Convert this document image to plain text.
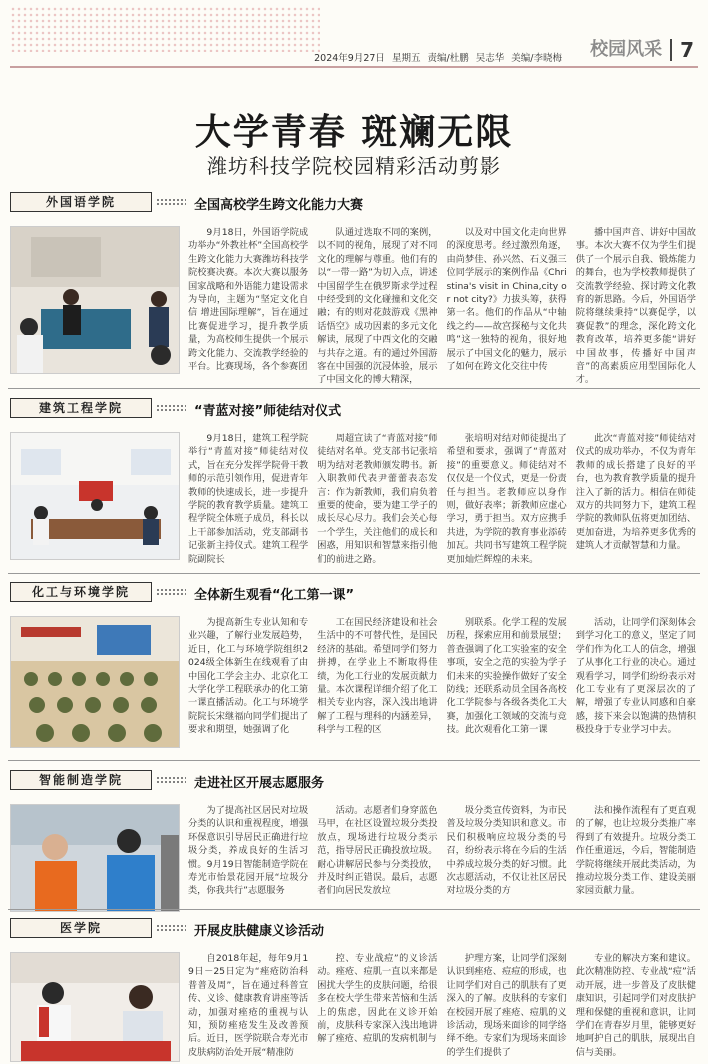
2024年9月27日 星期五 责编/杜鹏 吴志华 美编/李晓梅 校园风采 7
大学青春 斑斓无限
潍坊科技学院校园精彩活动剪影
外国语学院	全国高校学生跨文化能力大赛
9月18日，外国语学院成功举办“外教社杯”全国高校学生跨文化能力大赛潍坊科技学院校赛决赛。本次大赛以服务国家战略和外语能力建设需求为导向，主题为“坚定文化自信 增进国际理解”，旨在通过比赛促进学习，提升教学质量，为高校师生提供一个展示跨文化能力、交流教学经验的平台。比赛现场，各个参赛团
队通过选取不同的案例，以不同的视角，展现了对不同文化的理解与尊重。他们有的以“一带一路”为切入点，讲述中国留学生在俄罗斯求学过程中经受到的文化碰撞和文化交融；有的则对花鼓游戏《黑神话悟空》成功因素的多元文化解读，展现了中西文化的交融与共存之道。有的通过外国游客在中国强的沉浸体验，展示了中国文化的博大精深，
以及对中国文化走向世界的深度思考。经过激烈角逐，由尚梦佳、孙兴然、石义强三位同学展示的案例作品《Christina's visit in China,city or not city?》力拔头筹，获得第一名。他们的作品从“中轴线之约——故宫探秘与文化共鸣”这一独特的视角，很好地展示了中国文化的魅力，展示了如何在跨文化交往中传
播中国声音、讲好中国故事。本次大赛不仅为学生们提供了一个展示自我、锻炼能力的舞台，也为学校教师提供了交流教学经验、探讨跨文化教育的新思路。今后，外国语学院将继续秉持“以赛促学，以赛促教”的理念，深化跨文化教育改革，培养更多能“讲好中国故事，传播好中国声音”的高素质应用型国际化人才。
建筑工程学院	“青蓝对接”师徒结对仪式
9月18日，建筑工程学院举行“青蓝对接”师徒结对仪式，旨在充分发挥学院骨干教师的示范引领作用，促进青年教师的快速成长，进一步提升学院的教育教学质量。建筑工程学院全体班子成员，科长以上干部参加活动，党支部副书记张新主持仪式。建筑工程学院副院长
周超宣读了“青蓝对接”师徒结对名单。党支部书记张培明为结对老教师颁发聘书。新入职教师代表尹蕾蕾表态发言：作为新教师，我们肩负着重要的使命，要为建工学子的成长尽心尽力。我们会关心每一个学生，关注他们的成长和困惑，用知识和智慧来指引他们的前进之路。
张培明对结对师徒提出了希望和要求，强调了“青蓝对接”的重要意义。师徒结对不仅仅是一个仪式，更是一份责任与担当。老教师应以身作则，做好表率；新教师应虚心学习，勇于担当。双方应携手共进，为学院的教育事业添砖加瓦。共同书写建筑工程学院更加灿烂辉煌的未来。
此次“青蓝对接”师徒结对仪式的成功举办，不仅为青年教师的成长搭建了良好的平台，也为教育教学质量的提升注入了新的活力。相信在师徒双方的共同努力下，建筑工程学院的教师队伍将更加团结、更加奋进，为培养更多优秀的建筑人才贡献智慧和力量。
化工与环境学院	全体新生观看“化工第一课”
为提高新生专业认知和专业兴趣，了解行业发展趋势，近日，化工与环境学院组织2024级全体新生在线观看了由中国化工学会主办、北京化工大学化学工程联承办的化工第一课直播活动。化工与环境学院院长宋继福向同学们提出了要求和期望，她强调了化
工在国民经济建设和社会生活中的不可替代性，是国民经济的基础。希望同学们努力拼搏，在学业上不断取得佳绩，为化工行业的发展贡献力量。本次课程详细介绍了化工相关专业内容，深入浅出地讲解了工程与理科的内涵差异，科学与工程的区
别联系。化学工程的发展历程，探索应用和前景展望；普查强调了化工实验室的安全事项，安全之范的实验为学子们未来的实验操作做好了安全防线；还联系动员全国各高校化工学院参与各级各类化工大赛，加强化工领域的交流与竞技。此次观看化工第一课
活动，让同学们深刻体会到学习化工的意义，坚定了同学们作为化工人的信念，增强了从事化工行业的决心。通过观看学习，同学们纷纷表示对化工专业有了更深层次的了解，增强了专业认同感和自豪感，接下来会以饱满的热情积极投身于专业学习中去。
智能制造学院	走进社区开展志愿服务
为了提高社区居民对垃圾分类的认识和重视程度，增强环保意识引导居民正确进行垃圾分类，养成良好的生活习惯。9月19日智能制造学院在寿光市怡景花园开展“垃圾分类，你我共行”志愿服务
活动。志愿者们身穿蓝色马甲，在社区设置垃圾分类投放点，现场进行垃圾分类示范，指导居民正确投放垃圾。耐心讲解居民参与分类投放，并及时纠正错误。最后，志愿者们向居民发放垃
圾分类宣传资料，为市民普及垃圾分类知识和意义。市民们积极响应垃圾分类的号召，纷纷表示将在今后的生活中养成垃圾分类的好习惯。此次志愿活动，不仅让社区居民对垃圾分类的方
法和操作流程有了更直观的了解，也让垃圾分类推广率得到了有效提升。垃圾分类工作任重道远，今后，智能制造学院将继续开展此类活动，为推动垃圾分类工作、建设美丽家园贡献力量。
医学院	开展皮肤健康义诊活动
自2018年起，每年9月19日－25日定为“痤疮防治科普普及周”，旨在通过科普宣传、义诊、健康教育讲座等活动，加强对痤疮的重视与认知，预防痤疮发生及改善预后。近日，医学院联合寿光市皮肤病防治处开展“精准防
控、专业战痘”的义诊活动。痤疮、痘肌一直以来都是困扰大学生的皮肤问题，给很多在校大学生带来苦恼和生活上的焦虑，因此在义诊开始前，皮肤科专家深入浅出地讲解了痤疮、痘肌的发病机制与
护理方案，让同学们深刻认识到痤疮、痘痘的形成，也让同学们对自己的肌肤有了更深入的了解。皮肤科的专家们在校园开展了痤疮、痘肌的义诊活动，现场来面诊的同学络绎不绝。专家们为现场来面诊的学生们提供了
专业的解决方案和建议。此次精准防控、专业战“痘”活动开展，进一步普及了皮肤健康知识，引起同学们对皮肤护理和保健的重视和意识，让同学们在青春岁月里，能够更好地呵护自己的肌肤，展现出自信与美丽。
